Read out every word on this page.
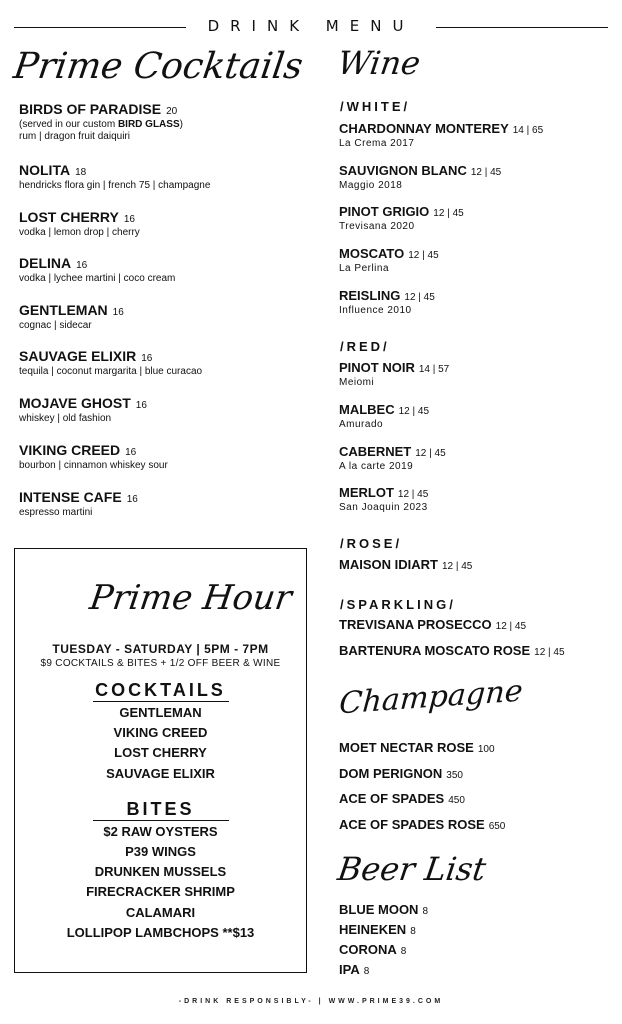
DRINK MENU
Prime Cocktails
BIRDS OF PARADISE 20
(served in our custom BIRD GLASS)
rum | dragon fruit daiquiri
NOLITA 18
hendricks flora gin | french 75 | champagne
LOST CHERRY 16
vodka | lemon drop | cherry
DELINA 16
vodka | lychee martini | coco cream
GENTLEMAN 16
cognac | sidecar
SAUVAGE ELIXIR 16
tequila | coconut margarita | blue curacao
MOJAVE GHOST 16
whiskey | old fashion
VIKING CREED 16
bourbon | cinnamon whiskey sour
INTENSE CAFE 16
espresso martini
Prime Hour
TUESDAY - SATURDAY | 5PM - 7PM
$9 COCKTAILS & BITES + 1/2 OFF BEER & WINE
COCKTAILS
GENTLEMAN
VIKING CREED
LOST CHERRY
SAUVAGE ELIXIR
BITES
$2 RAW OYSTERS
P39 WINGS
DRUNKEN MUSSELS
FIRECRACKER SHRIMP
CALAMARI
LOLLIPOP LAMBCHOPS **$13
Wine
/WHITE/
CHARDONNAY MONTEREY 14 | 65
La Crema 2017
SAUVIGNON BLANC 12 | 45
Maggio 2018
PINOT GRIGIO 12 | 45
Trevisana 2020
MOSCATO 12 | 45
La Perlina
REISLING 12 | 45
Influence 2010
/RED/
PINOT NOIR 14 | 57
Meiomi
MALBEC 12 | 45
Amurado
CABERNET 12 | 45
A la carte 2019
MERLOT 12 | 45
San Joaquin 2023
/ROSE/
MAISON IDIART 12 | 45
/SPARKLING/
TREVISANA PROSECCO 12 | 45
BARTENURA MOSCATO ROSE 12 | 45
Champagne
MOET NECTAR ROSE 100
DOM PERIGNON 350
ACE OF SPADES 450
ACE OF SPADES ROSE 650
Beer List
BLUE MOON 8
HEINEKEN 8
CORONA 8
IPA 8
-DRINK RESPONSIBLY- | WWW.PRIME39.COM
